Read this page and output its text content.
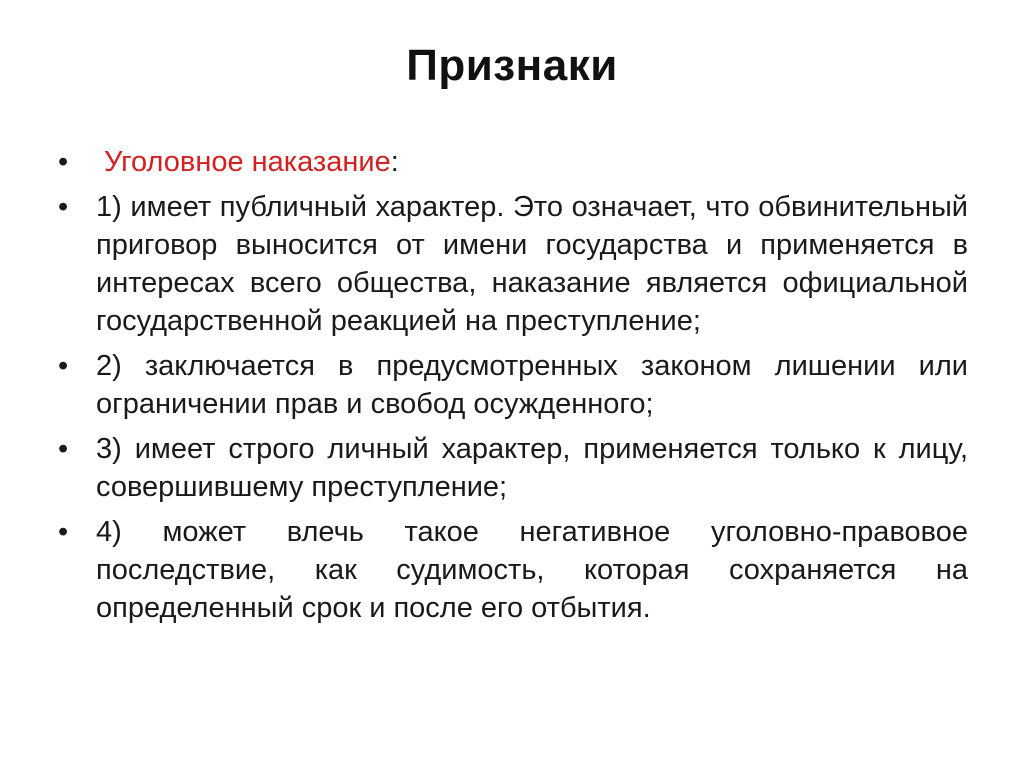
Признаки
•	Уголовное наказание:
• 1) имеет публичный характер. Это означает, что обвинительный приговор выносится от имени государства и применяется в интересах всего общества, наказание является официальной государственной реакцией на преступление;
• 2) заключается в предусмотренных законом лишении или ограничении прав и свобод осужденного;
• 3) имеет строго личный характер, применяется только к лицу, совершившему преступление;
• 4) может влечь такое негативное уголовно-правовое последствие, как судимость, которая сохраняется на определенный срок и после его отбытия.
